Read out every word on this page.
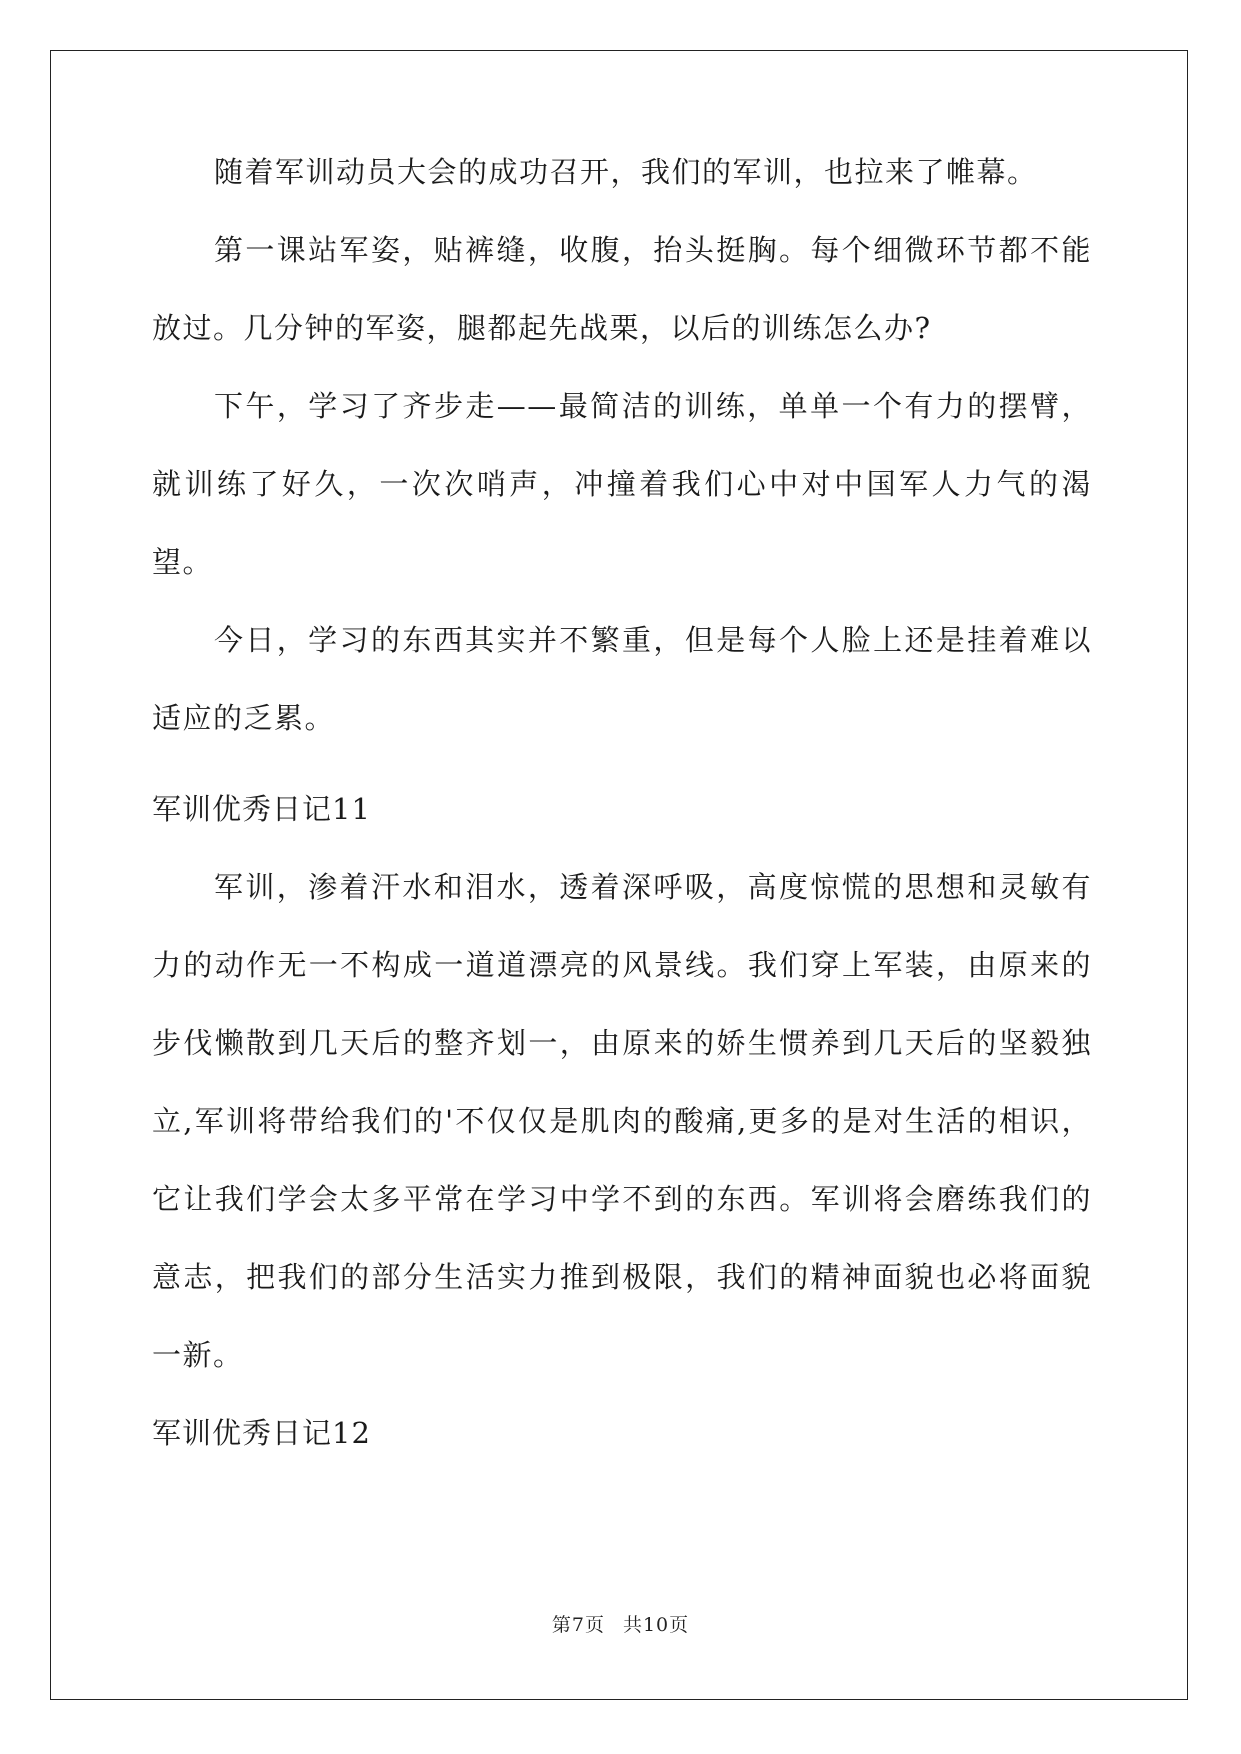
随着军训动员大会的成功召开，我们的军训，也拉来了帷幕。

第一课站军姿，贴裤缝，收腹，抬头挺胸。每个细微环节都不能放过。几分钟的军姿，腿都起先战栗，以后的训练怎么办?

下午，学习了齐步走——最简洁的训练，单单一个有力的摆臂，就训练了好久，一次次哨声，冲撞着我们心中对中国军人力气的渴望。

今日，学习的东西其实并不繁重，但是每个人脸上还是挂着难以适应的乏累。

军训优秀日记11

军训，渗着汗水和泪水，透着深呼吸，高度惊慌的思想和灵敏有力的动作无一不构成一道道漂亮的风景线。我们穿上军装，由原来的步伐懒散到几天后的整齐划一，由原来的娇生惯养到几天后的坚毅独立,军训将带给我们的'不仅仅是肌肉的酸痛,更多的是对生活的相识，它让我们学会太多平常在学习中学不到的东西。军训将会磨练我们的意志，把我们的部分生活实力推到极限，我们的精神面貌也必将面貌一新。

军训优秀日记12

第7页 共10页
